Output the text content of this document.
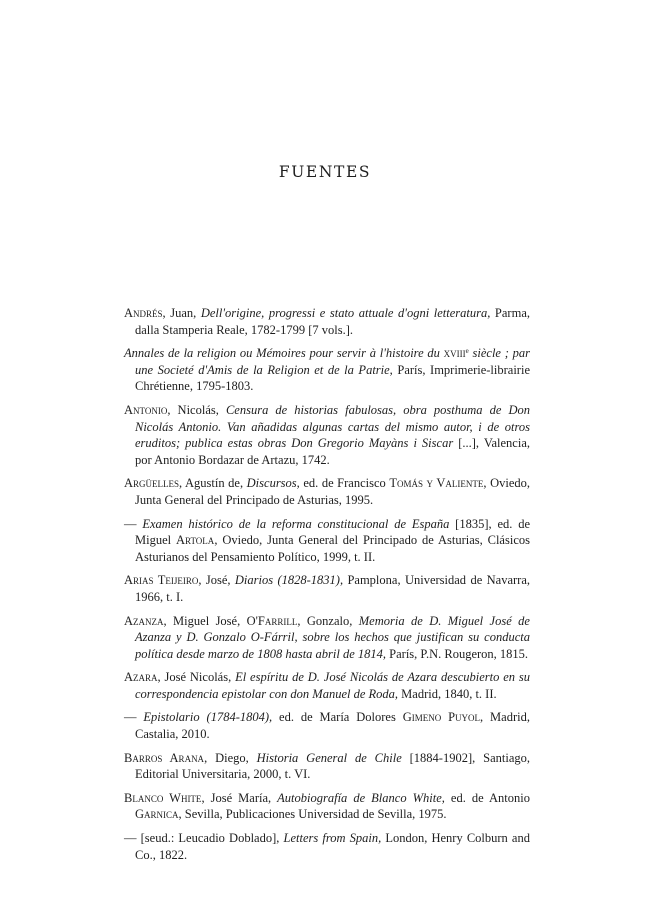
FUENTES

Andrés, Juan, Dell'origine, progressi e stato attuale d'ogni letteratura, Parma, dalla Stamperia Reale, 1782-1799 [7 vols.].

Annales de la religion ou Mémoires pour servir à l'histoire du xviii$^e$ siècle ; par une Societé d'Amis de la Religion et de la Patrie, París, Imprimerie-librairie Chrétienne, 1795-1803.

Antonio, Nicolás, Censura de historias fabulosas, obra posthuma de Don Nicolás Antonio. Van añadidas algunas cartas del mismo autor, i de otros eruditos; publica estas obras Don Gregorio Mayàns i Siscar [...], Valencia, por Antonio Bordazar de Artazu, 1742.

Argüelles, Agustín de, Discursos, ed. de Francisco Tomás y Valiente, Oviedo, Junta General del Principado de Asturias, 1995.

— Examen histórico de la reforma constitucional de España [1835], ed. de Miguel Artola, Oviedo, Junta General del Principado de Asturias, Clásicos Asturianos del Pensamiento Político, 1999, t. II.

Arias Teijeiro, José, Diarios (1828-1831), Pamplona, Universidad de Navarra, 1966, t. I.

Azanza, Miguel José, O'Farrill, Gonzalo, Memoria de D. Miguel José de Azanza y D. Gonzalo O-Fárril, sobre los hechos que justifican su conducta política desde marzo de 1808 hasta abril de 1814, París, P.N. Rougeron, 1815.

Azara, José Nicolás, El espíritu de D. José Nicolás de Azara descubierto en su correspondencia epistolar con don Manuel de Roda, Madrid, 1840, t. II.

— Epistolario (1784-1804), ed. de María Dolores Gimeno Puyol, Madrid, Castalia, 2010.

Barros Arana, Diego, Historia General de Chile [1884-1902], Santiago, Editorial Universitaria, 2000, t. VI.

Blanco White, José María, Autobiografía de Blanco White, ed. de Antonio Garnica, Sevilla, Publicaciones Universidad de Sevilla, 1975.

— [seud.: Leucadio Doblado], Letters from Spain, London, Henry Colburn and Co., 1822.
